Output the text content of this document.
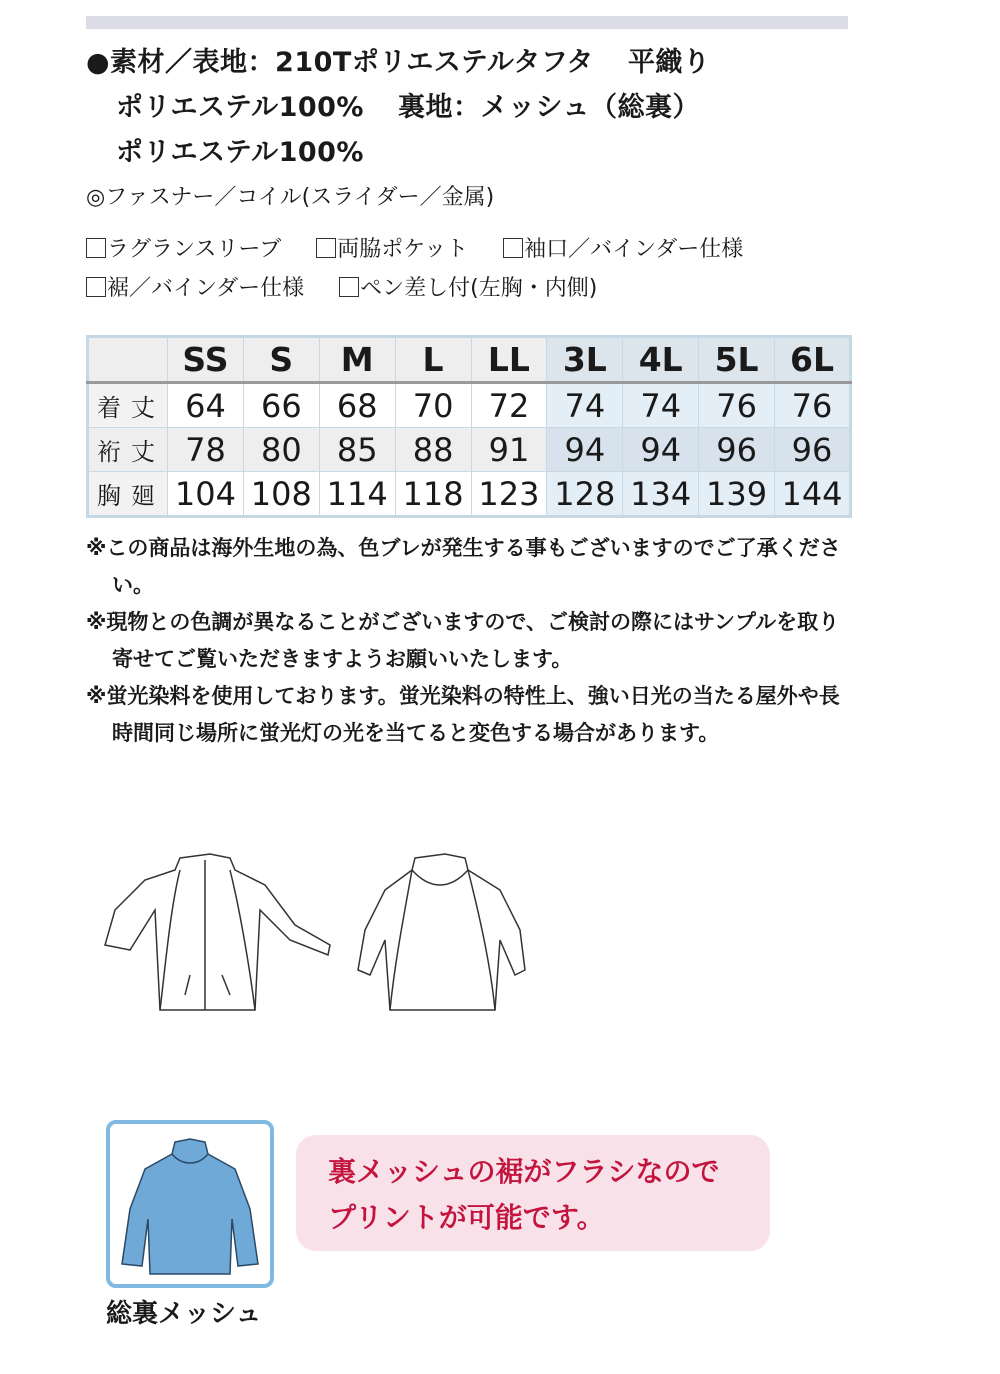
●素材／表地：210Tポリエステルタフタ 平織り
ポリエステル100% 裏地：メッシュ（総裏）
ポリエステル100%
◎ファスナー／コイル(スライダー／金属)
ラグランスリーブ	両脇ポケット	袖口／バインダー仕様
裾／バインダー仕様	ペン差し付(左胸・内側)
	SS	S	M	L	LL	3L	4L	5L	6L
着丈	64	66	68	70	72	74	74	76	76
裄丈	78	80	85	88	91	94	94	96	96
胸廻	104	108	114	118	123	128	134	139	144

※この商品は海外生地の為、色ブレが発生する事もございますのでご了承ください。

※現物との色調が異なることがございますので、ご検討の際にはサンプルを取り寄せてご覧いただきますようお願いいたします。

※蛍光染料を使用しております。蛍光染料の特性上、強い日光の当たる屋外や長時間同じ場所に蛍光灯の光を当てると変色する場合があります。

総裏メッシュ

裏メッシュの裾がフラシなので
プリントが可能です。
